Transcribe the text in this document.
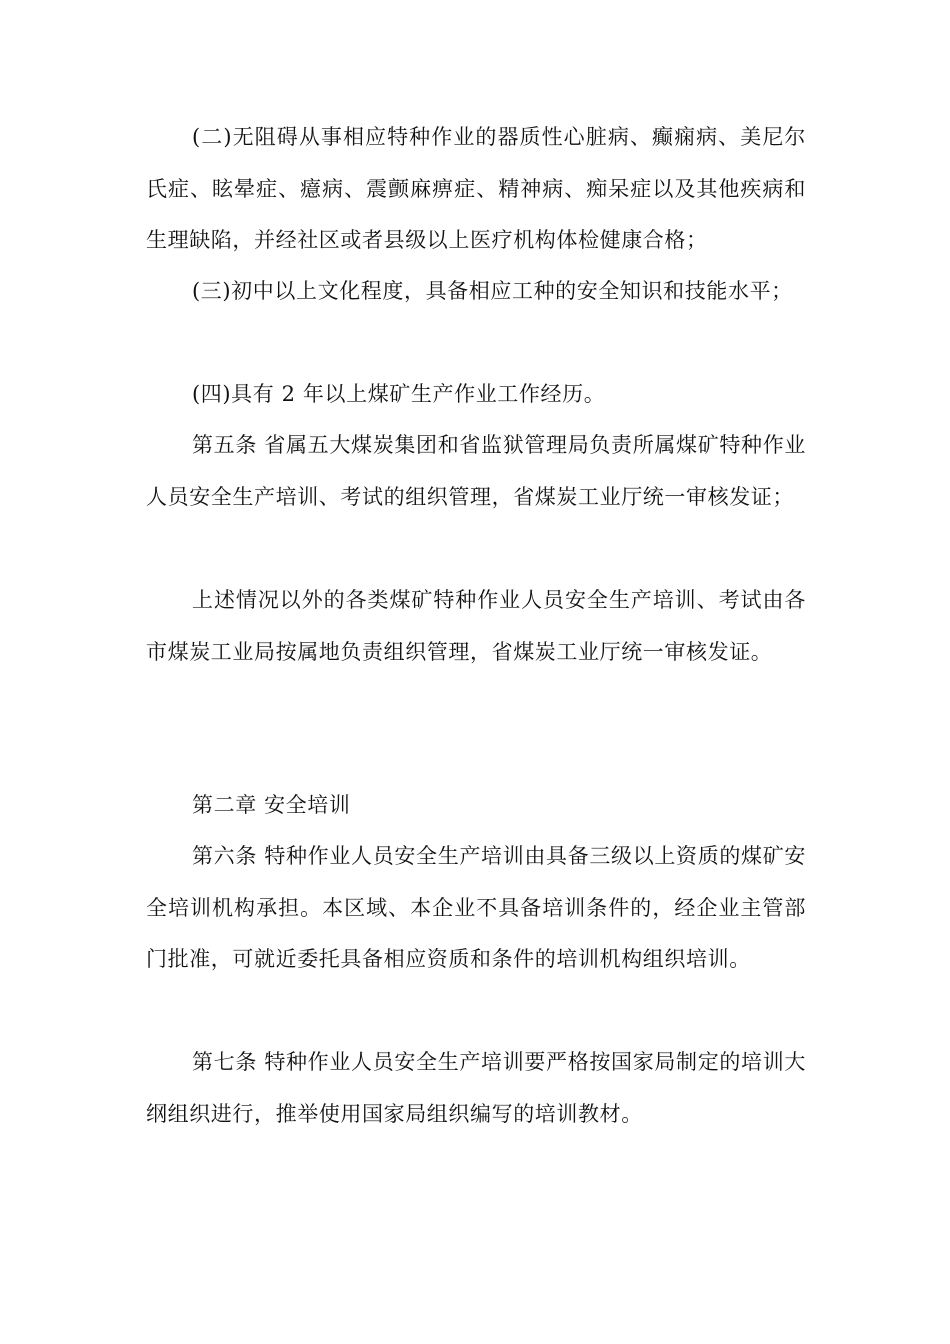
(二)无阻碍从事相应特种作业的器质性心脏病、癫痫病、美尼尔氏症、眩晕症、癔病、震颤麻痹症、精神病、痴呆症以及其他疾病和生理缺陷，并经社区或者县级以上医疗机构体检健康合格；

(三)初中以上文化程度，具备相应工种的安全知识和技能水平；

(四)具有 2 年以上煤矿生产作业工作经历。

第五条 省属五大煤炭集团和省监狱管理局负责所属煤矿特种作业人员安全生产培训、考试的组织管理，省煤炭工业厅统一审核发证；

上述情况以外的各类煤矿特种作业人员安全生产培训、考试由各市煤炭工业局按属地负责组织管理，省煤炭工业厅统一审核发证。

第二章 安全培训

第六条 特种作业人员安全生产培训由具备三级以上资质的煤矿安全培训机构承担。本区域、本企业不具备培训条件的，经企业主管部门批准，可就近委托具备相应资质和条件的培训机构组织培训。

第七条 特种作业人员安全生产培训要严格按国家局制定的培训大纲组织进行，推举使用国家局组织编写的培训教材。
